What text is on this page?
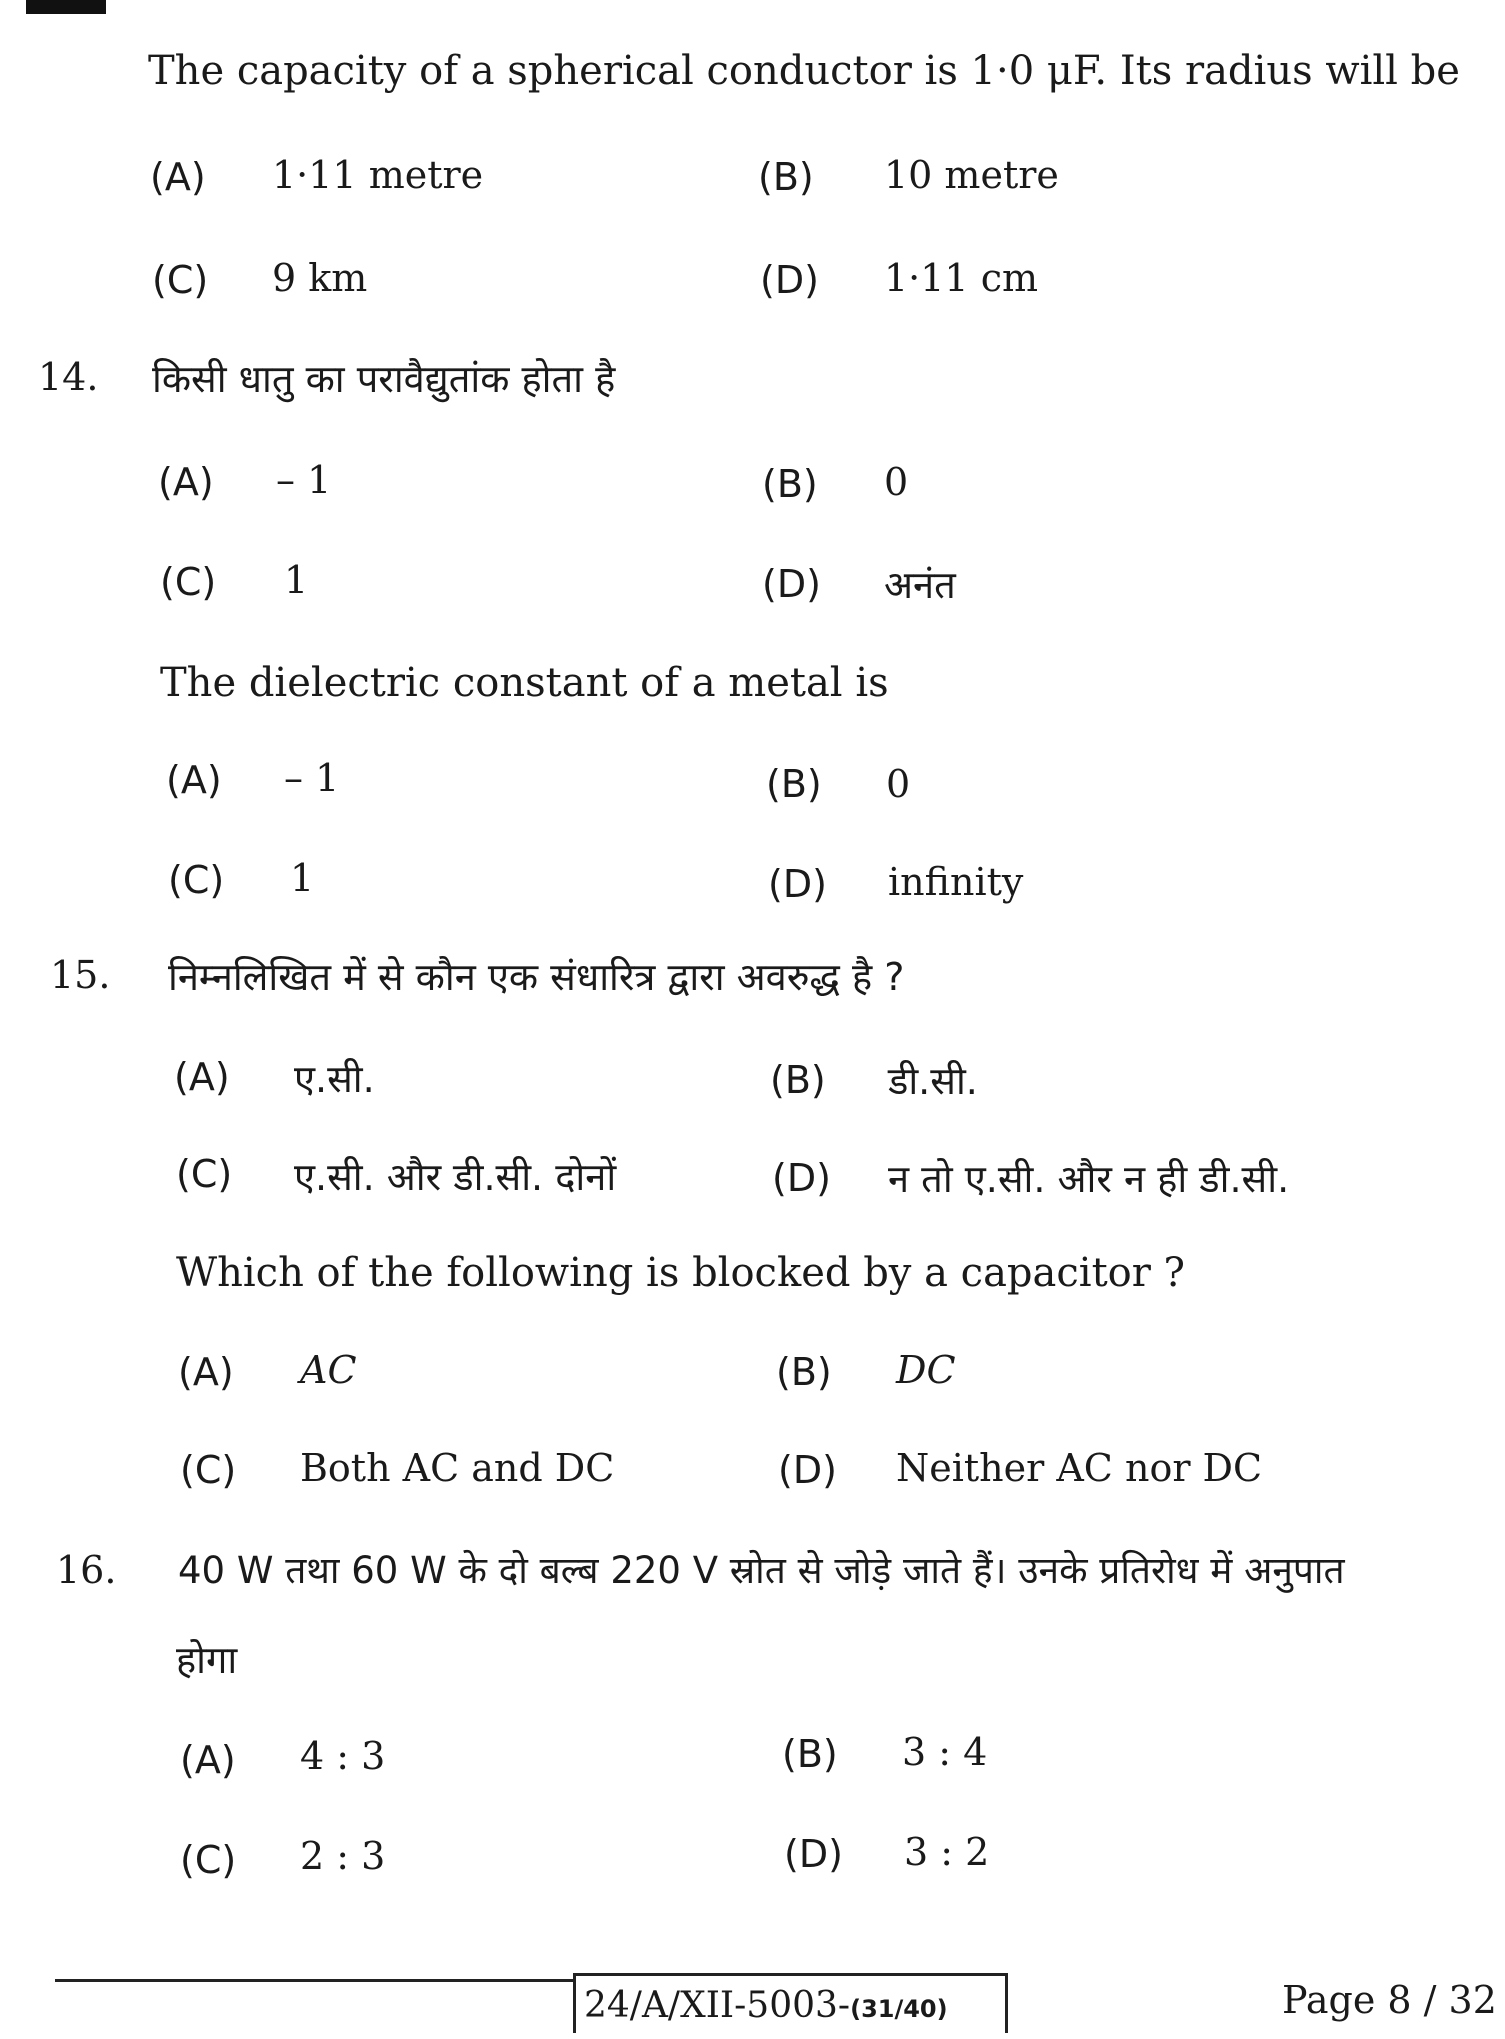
The capacity of a spherical conductor is 1·0 μF. Its radius will be
(A) 1·11 metre	(B) 10 metre
(C) 9 km	(D) 1·11 cm
14. किसी धातु का परावैद्युतांक होता है
(A) – 1	(B) 0
(C) 1	(D) अनंत
The dielectric constant of a metal is
(A) – 1	(B) 0
(C) 1	(D) infinity
15. निम्नलिखित में से कौन एक संधारित्र द्वारा अवरुद्ध है ?
(A) ए.सी.	(B) डी.सी.
(C) ए.सी. और डी.सी. दोनों	(D) न तो ए.सी. और न ही डी.सी.
Which of the following is blocked by a capacitor ?
(A) AC	(B) DC
(C) Both AC and DC	(D) Neither AC nor DC
16. 40 W तथा 60 W के दो बल्ब 220 V स्रोत से जोड़े जाते हैं। उनके प्रतिरोध में अनुपात
होगा
(A) 4 : 3	(B) 3 : 4
(C) 2 : 3	(D) 3 : 2
24/A/XII-5003-(31/40)	Page 8 / 32
